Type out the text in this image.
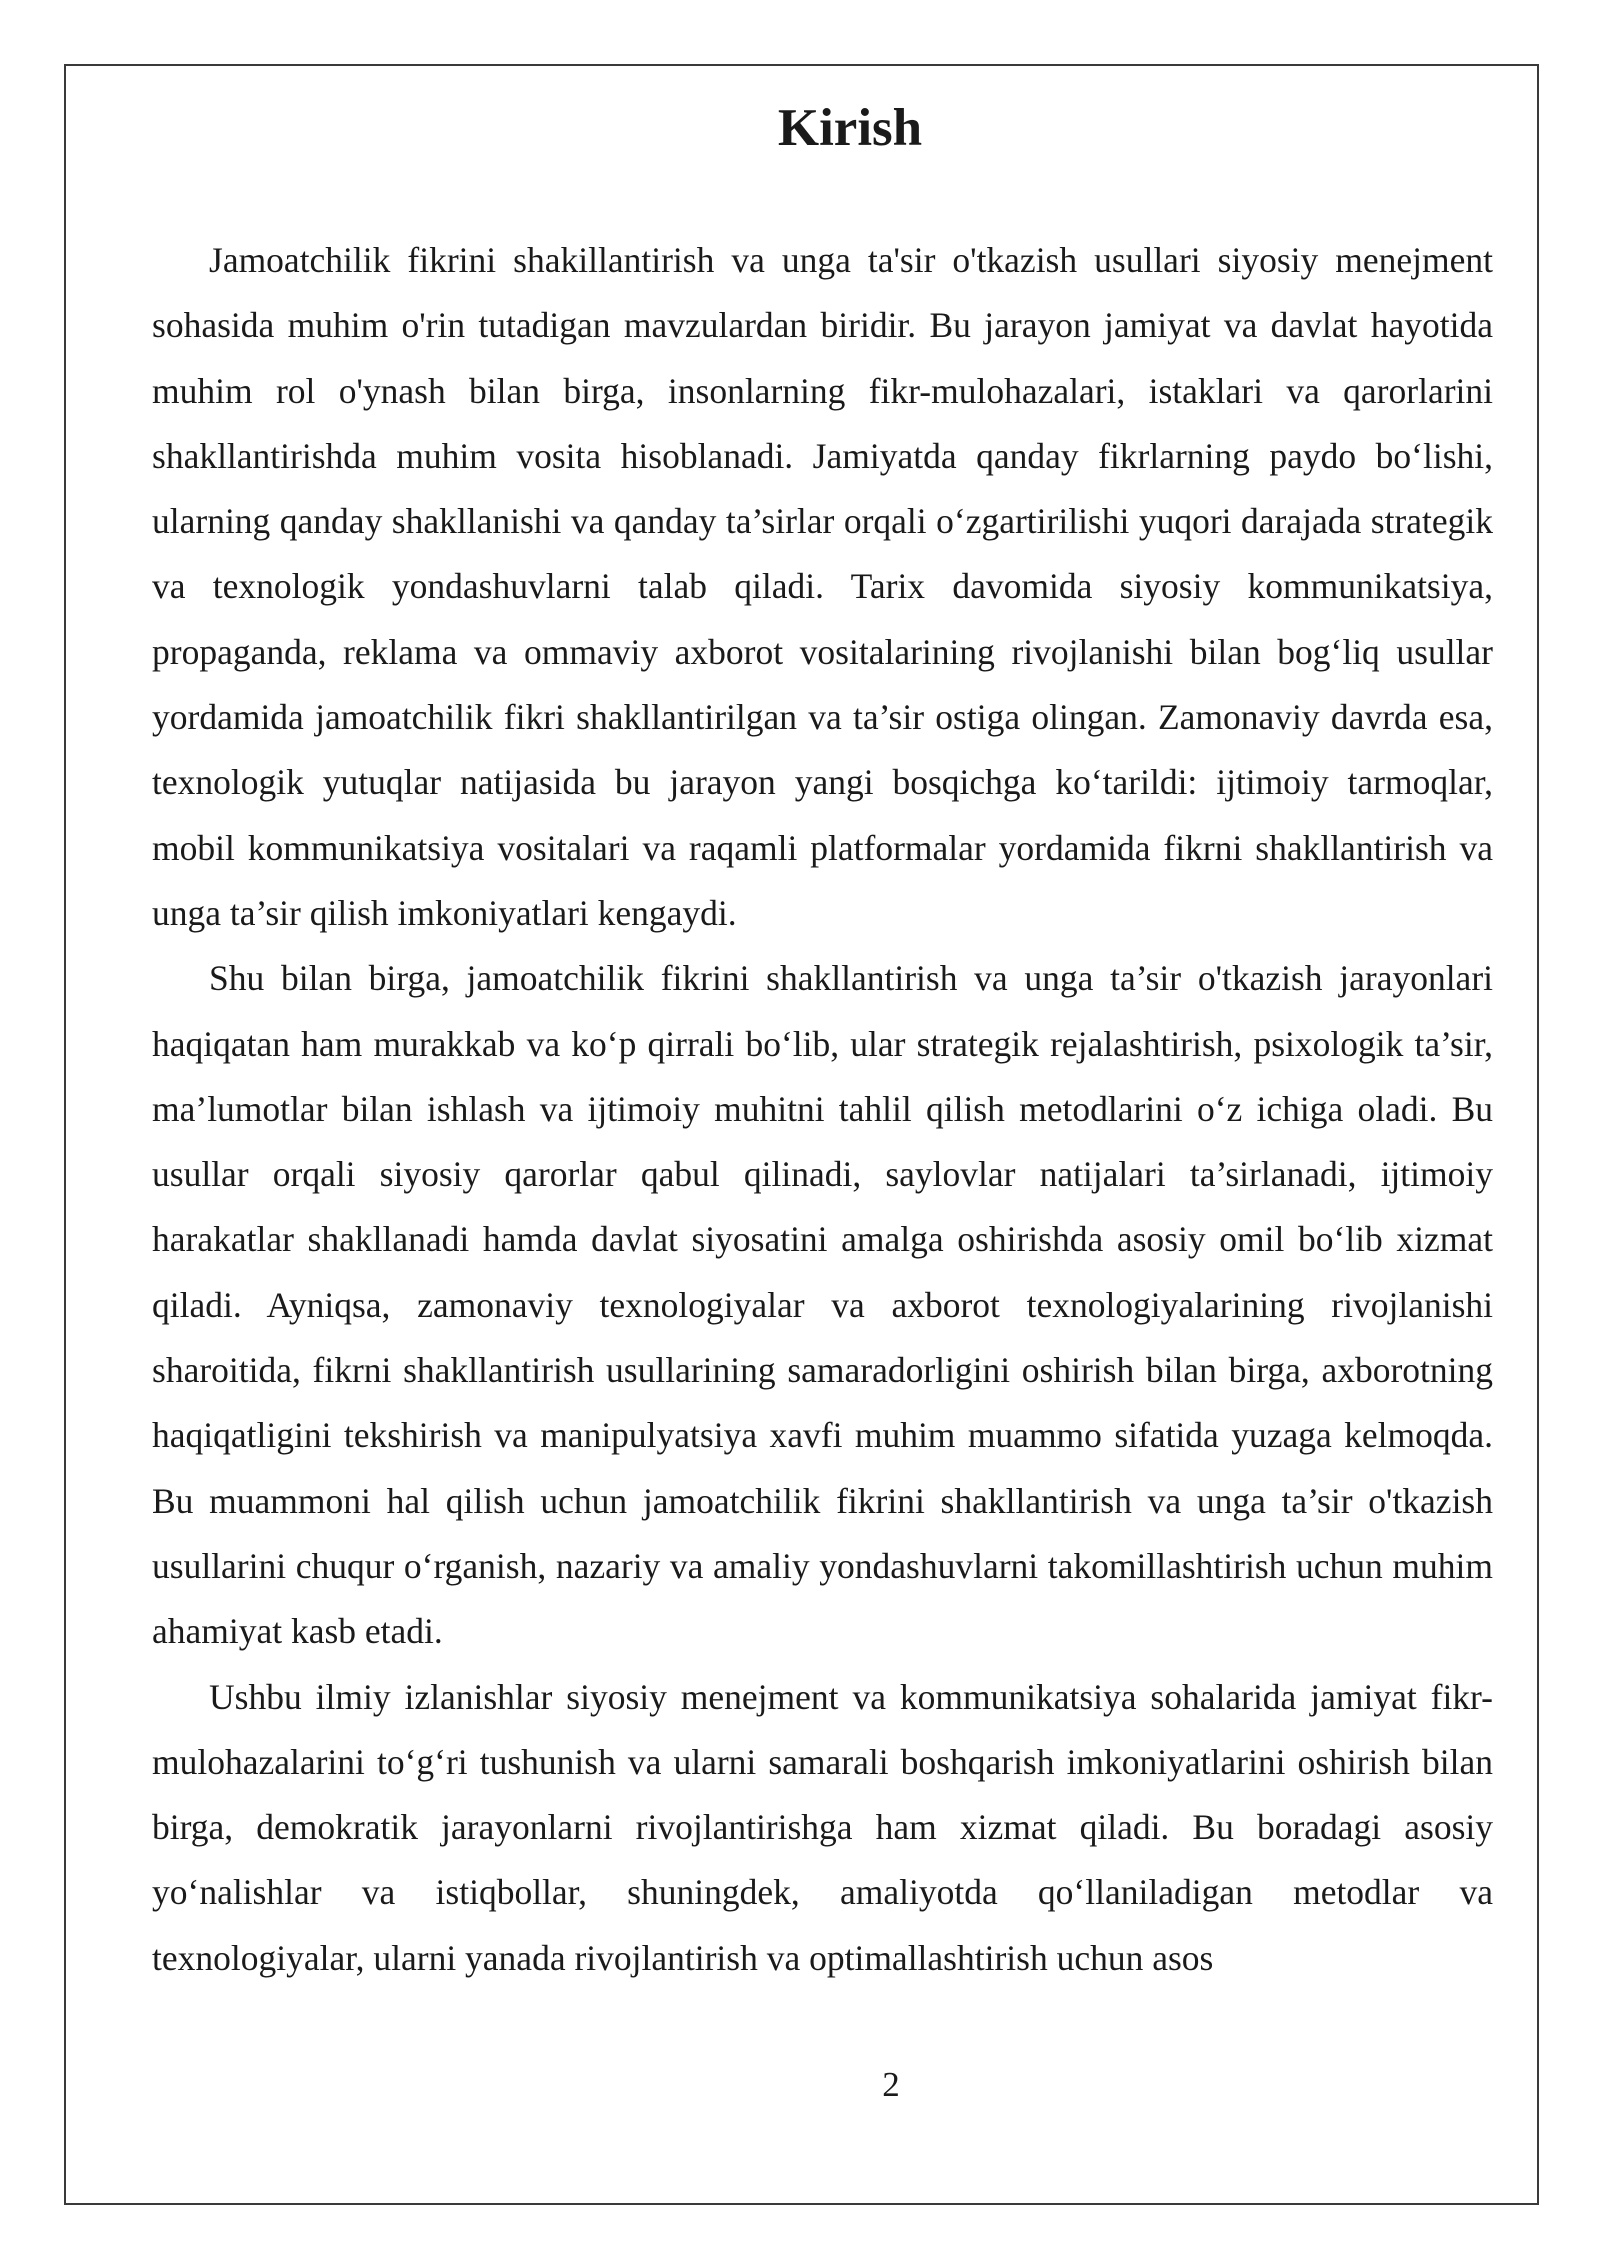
Kirish

Jamoatchilik fikrini shakillantirish va unga ta'sir o'tkazish usullari siyosiy menejment sohasida muhim o'rin tutadigan mavzulardan biridir. Bu jarayon jamiyat va davlat hayotida muhim rol o'ynash bilan birga, insonlarning fikr-mulohazalari, istaklari va qarorlarini shakllantirishda muhim vosita hisoblanadi. Jamiyatda qanday fikrlarning paydo bo‘lishi, ularning qanday shakllanishi va qanday ta’sirlar orqali o‘zgartirilishi yuqori darajada strategik va texnologik yondashuvlarni talab qiladi. Tarix davomida siyosiy kommunikatsiya, propaganda, reklama va ommaviy axborot vositalarining rivojlanishi bilan bog‘liq usullar yordamida jamoatchilik fikri shakllantirilgan va ta’sir ostiga olingan. Zamonaviy davrda esa, texnologik yutuqlar natijasida bu jarayon yangi bosqichga ko‘tarildi: ijtimoiy tarmoqlar, mobil kommunikatsiya vositalari va raqamli platformalar yordamida fikrni shakllantirish va unga ta’sir qilish imkoniyatlari kengaydi.

Shu bilan birga, jamoatchilik fikrini shakllantirish va unga ta’sir o'tkazish jarayonlari haqiqatan ham murakkab va ko‘p qirrali bo‘lib, ular strategik rejalashtirish, psixologik ta’sir, ma’lumotlar bilan ishlash va ijtimoiy muhitni tahlil qilish metodlarini o‘z ichiga oladi. Bu usullar orqali siyosiy qarorlar qabul qilinadi, saylovlar natijalari ta’sirlanadi, ijtimoiy harakatlar shakllanadi hamda davlat siyosatini amalga oshirishda asosiy omil bo‘lib xizmat qiladi. Ayniqsa, zamonaviy texnologiyalar va axborot texnologiyalarining rivojlanishi sharoitida, fikrni shakllantirish usullarining samaradorligini oshirish bilan birga, axborotning haqiqatligini tekshirish va manipulyatsiya xavfi muhim muammo sifatida yuzaga kelmoqda. Bu muammoni hal qilish uchun jamoatchilik fikrini shakllantirish va unga ta’sir o'tkazish usullarini chuqur o‘rganish, nazariy va amaliy yondashuvlarni takomillashtirish uchun muhim ahamiyat kasb etadi.

Ushbu ilmiy izlanishlar siyosiy menejment va kommunikatsiya sohalarida jamiyat fikr-mulohazalarini to‘g‘ri tushunish va ularni samarali boshqarish imkoniyatlarini oshirish bilan birga, demokratik jarayonlarni rivojlantirishga ham xizmat qiladi. Bu boradagi asosiy yo‘nalishlar va istiqbollar, shuningdek, amaliyotda qo‘llaniladigan metodlar va texnologiyalar, ularni yanada rivojlantirish va optimallashtirish uchun asos

2
